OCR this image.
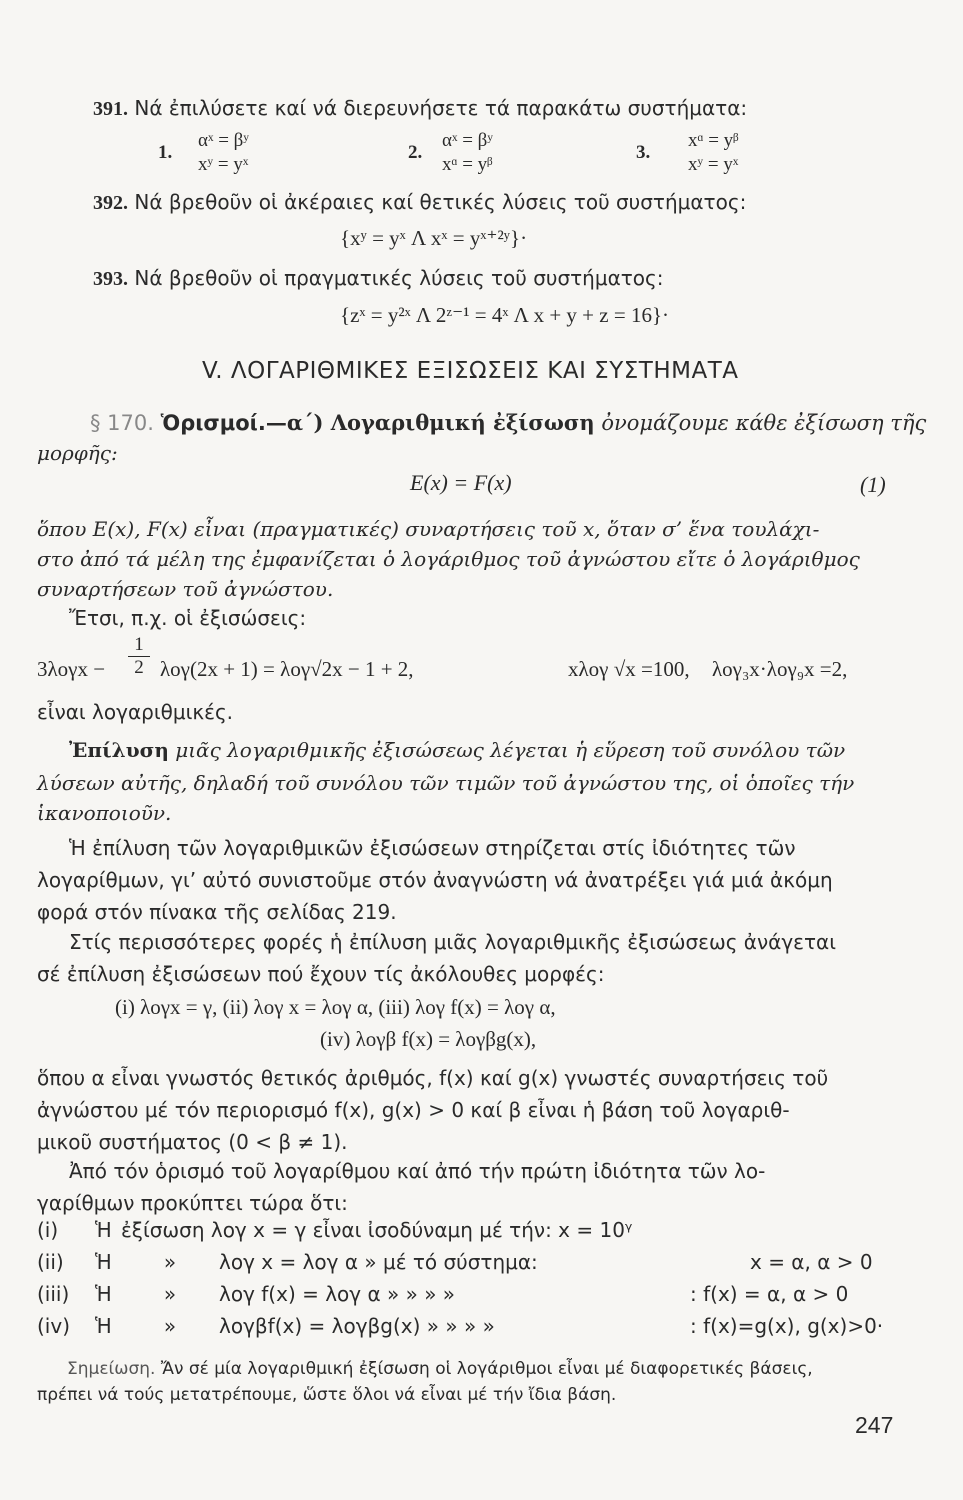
391. Νά ἐπιλύσετε καί νά διερευνήσετε τά παρακάτω συστήματα:
1.
αˣ = βʸ
xʸ = yˣ
2.
αˣ = βʸ
xᵅ = yᵝ
3.
xᵅ = yᵝ
xʸ = yˣ
392. Νά βρεθοῦν οἱ ἀκέραιες καί θετικές λύσεις τοῦ συστήματος:
{xʸ = yˣ Λ xˣ = yˣ⁺²ʸ}·
393. Νά βρεθοῦν οἱ πραγματικές λύσεις τοῦ συστήματος:
{zˣ = y²ˣ Λ 2ᶻ⁻¹ = 4ˣ Λ x + y + z = 16}·
V. ΛΟΓΑΡΙΘΜΙΚΕΣ ΕΞΙΣΩΣΕΙΣ ΚΑΙ ΣΥΣΤΗΜΑΤΑ
§ 170. Ὁρισμοί.—α΄) Λογαριθμική ἐξίσωση ὀνομάζουμε κάθε ἐξίσωση τῆς
μορφῆς:
E(x) = F(x)	(1)
ὅπου E(x), F(x) εἶναι (πραγματικές) συναρτήσεις τοῦ x, ὅταν σ’ ἕνα τουλάχι-
στο ἀπό τά μέλη της ἐμφανίζεται ὁ λογάριθμος τοῦ ἀγνώστου εἴτε ὁ λογάριθμος
συναρτήσεων τοῦ ἀγνώστου.
Ἔτσι, π.χ. οἱ ἐξισώσεις:
$3\lambda o\gamma x - \frac{1}{2} \lambda o\gamma(2x + 1) = \lambda o\gamma√2x - 1 + 2$,	xλογ √x =100, λογ₃x·λογ₉x =2,
εἶναι λογαριθμικές.
Ἐπίλυση μιᾶς λογαριθμικῆς ἐξισώσεως λέγεται ἡ εὕρεση τοῦ συνόλου τῶν
λύσεων αὐτῆς, δηλαδή τοῦ συνόλου τῶν τιμῶν τοῦ ἀγνώστου της, οἱ ὁποῖες τήν
ἱκανοποιοῦν.
Ἡ ἐπίλυση τῶν λογαριθμικῶν ἐξισώσεων στηρίζεται στίς ἰδιότητες τῶν
λογαρίθμων, γι’ αὐτό συνιστοῦμε στόν ἀναγνώστη νά ἀνατρέξει γιά μιά ἀκόμη
φορά στόν πίνακα τῆς σελίδας 219.
Στίς περισσότερες φορές ἡ ἐπίλυση μιᾶς λογαριθμικῆς ἐξισώσεως ἀνάγεται
σέ ἐπίλυση ἐξισώσεων πού ἔχουν τίς ἀκόλουθες μορφές:
(i) λογx = γ, (ii) λογ x = λογ α, (iii) λογ f(x) = λογ α,
(iv) λογβ f(x) = λογβg(x),
ὅπου α εἶναι γνωστός θετικός ἀριθμός, f(x) καί g(x) γνωστές συναρτήσεις τοῦ
ἀγνώστου μέ τόν περιορισμό f(x), g(x) > 0 καί β εἶναι ἡ βάση τοῦ λογαριθ-
μικοῦ συστήματος (0 < β ≠ 1).
Ἀπό τόν ὁρισμό τοῦ λογαρίθμου καί ἀπό τήν πρώτη ἰδιότητα τῶν λο-
γαρίθμων προκύπτει τώρα ὅτι:
(i) Ἡ ἐξίσωση λογ x = γ εἶναι ἰσοδύναμη μέ τήν: x = 10ᵞ
(ii) Ἡ	» λογ x = λογ α » μέ τό σύστημα:	x = α, α > 0
(iii) Ἡ	» λογ f(x) = λογ α » » » »	: f(x) = α, α > 0
(iv) Ἡ	» λογβf(x) = λογβg(x) » » » »	: f(x)=g(x), g(x)>0·
Σημείωση. Ἄν σέ μία λογαριθμική ἐξίσωση οἱ λογάριθμοι εἶναι μέ διαφορετικές βάσεις,
πρέπει νά τούς μετατρέπουμε, ὥστε ὅλοι νά εἶναι μέ τήν ἴδια βάση.
247
